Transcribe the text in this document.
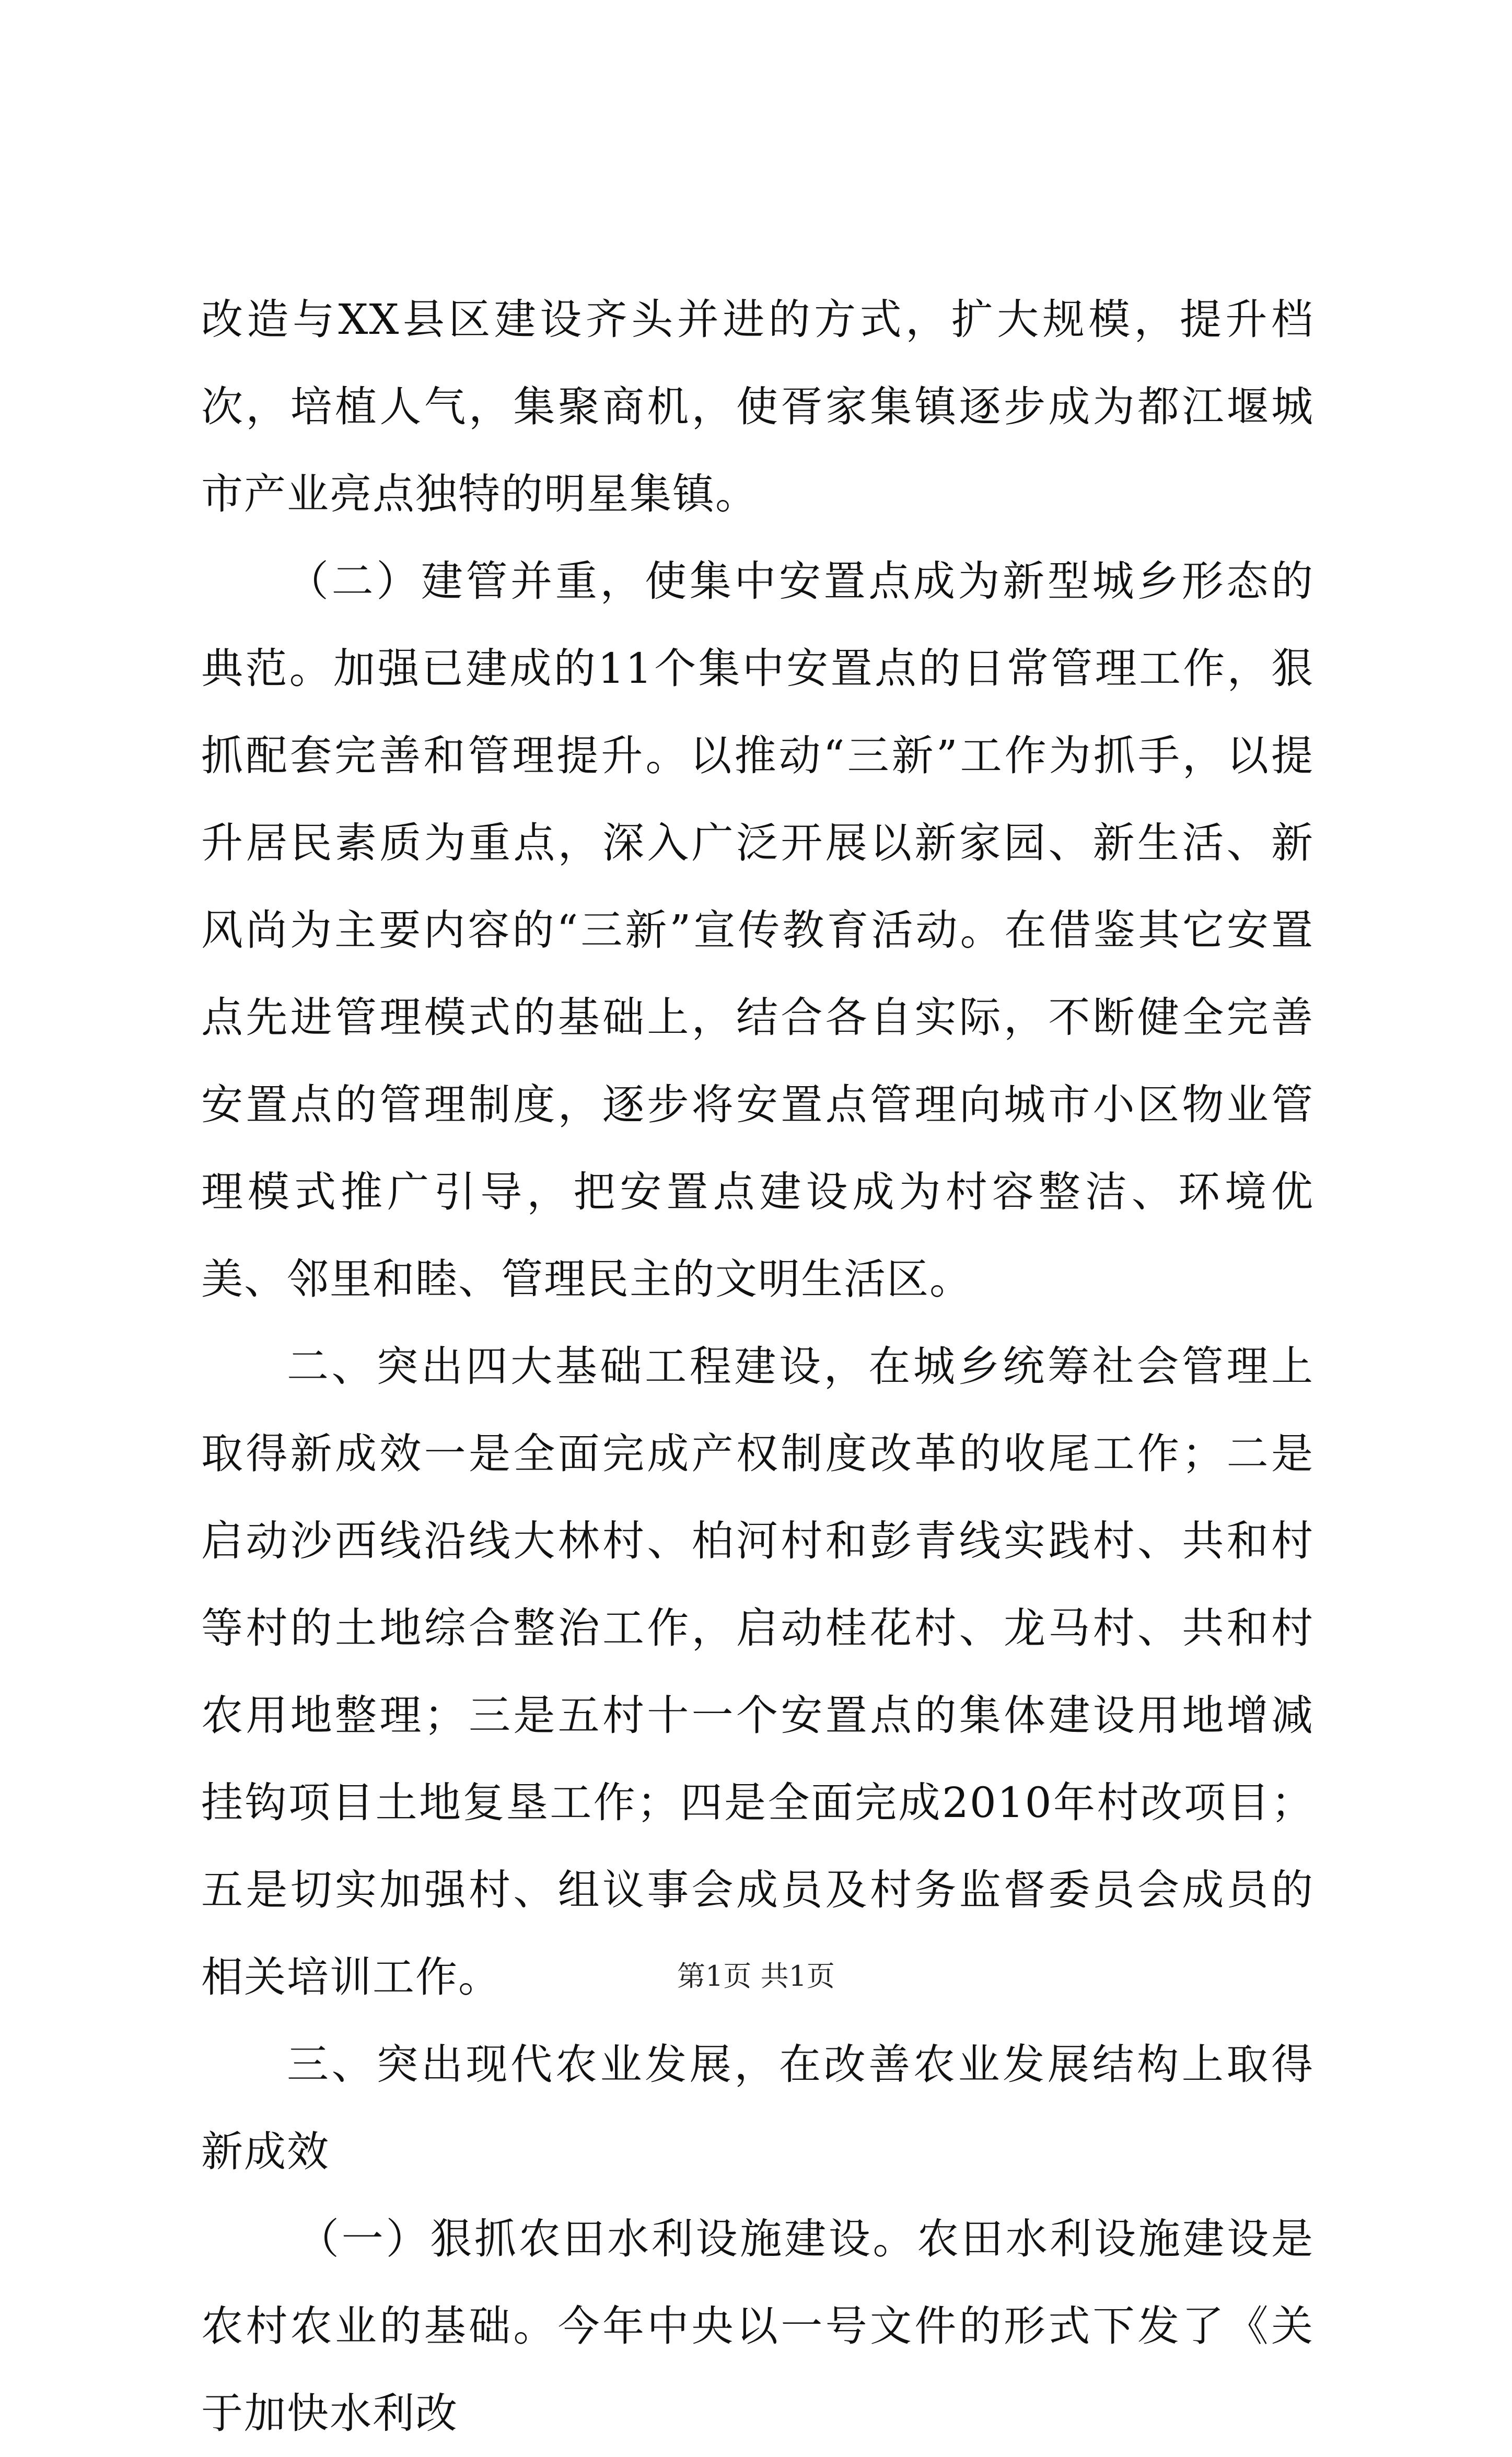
改造与XX县区建设齐头并进的方式，扩大规模，提升档次，培植人气，集聚商机，使胥家集镇逐步成为都江堰城市产业亮点独特的明星集镇。

（二）建管并重，使集中安置点成为新型城乡形态的典范。加强已建成的11个集中安置点的日常管理工作，狠抓配套完善和管理提升。以推动“三新”工作为抓手，以提升居民素质为重点，深入广泛开展以新家园、新生活、新风尚为主要内容的“三新”宣传教育活动。在借鉴其它安置点先进管理模式的基础上，结合各自实际，不断健全完善安置点的管理制度，逐步将安置点管理向城市小区物业管理模式推广引导，把安置点建设成为村容整洁、环境优美、邻里和睦、管理民主的文明生活区。

二、突出四大基础工程建设，在城乡统筹社会管理上取得新成效一是全面完成产权制度改革的收尾工作；二是启动沙西线沿线大林村、柏河村和彭青线实践村、共和村等村的土地综合整治工作，启动桂花村、龙马村、共和村农用地整理；三是五村十一个安置点的集体建设用地增减挂钩项目土地复垦工作；四是全面完成2010年村改项目；五是切实加强村、组议事会成员及村务监督委员会成员的相关培训工作。

三、突出现代农业发展，在改善农业发展结构上取得新成效

（一）狠抓农田水利设施建设。农田水利设施建设是农村农业的基础。今年中央以一号文件的形式下发了《关于加快水利改

第1页 共1页
